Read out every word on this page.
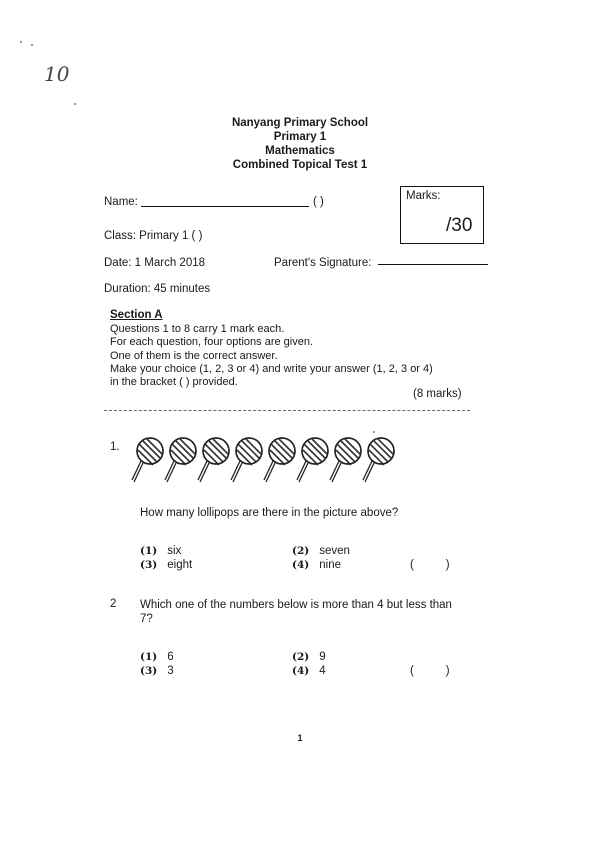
10
Nanyang Primary School
Primary 1
Mathematics
Combined Topical Test 1
Name:	( )
Class: Primary 1 ( )
Date: 1 March 2018	Parent's Signature:
Duration: 45 minutes
Marks:
/30
Section A
Questions 1 to 8 carry 1 mark each.
For each question, four options are given.
One of them is the correct answer.
Make your choice (1, 2, 3 or 4) and write your answer (1, 2, 3 or 4)
in the bracket ( ) provided.
(8 marks)
1.
How many lollipops are there in the picture above?
(1) six	(2) seven
(3) eight	(4) nine	(          )
2 Which one of the numbers below is more than 4 but less than
7?
(1) 6	(2) 9
(3) 3	(4) 4	(          )
1
